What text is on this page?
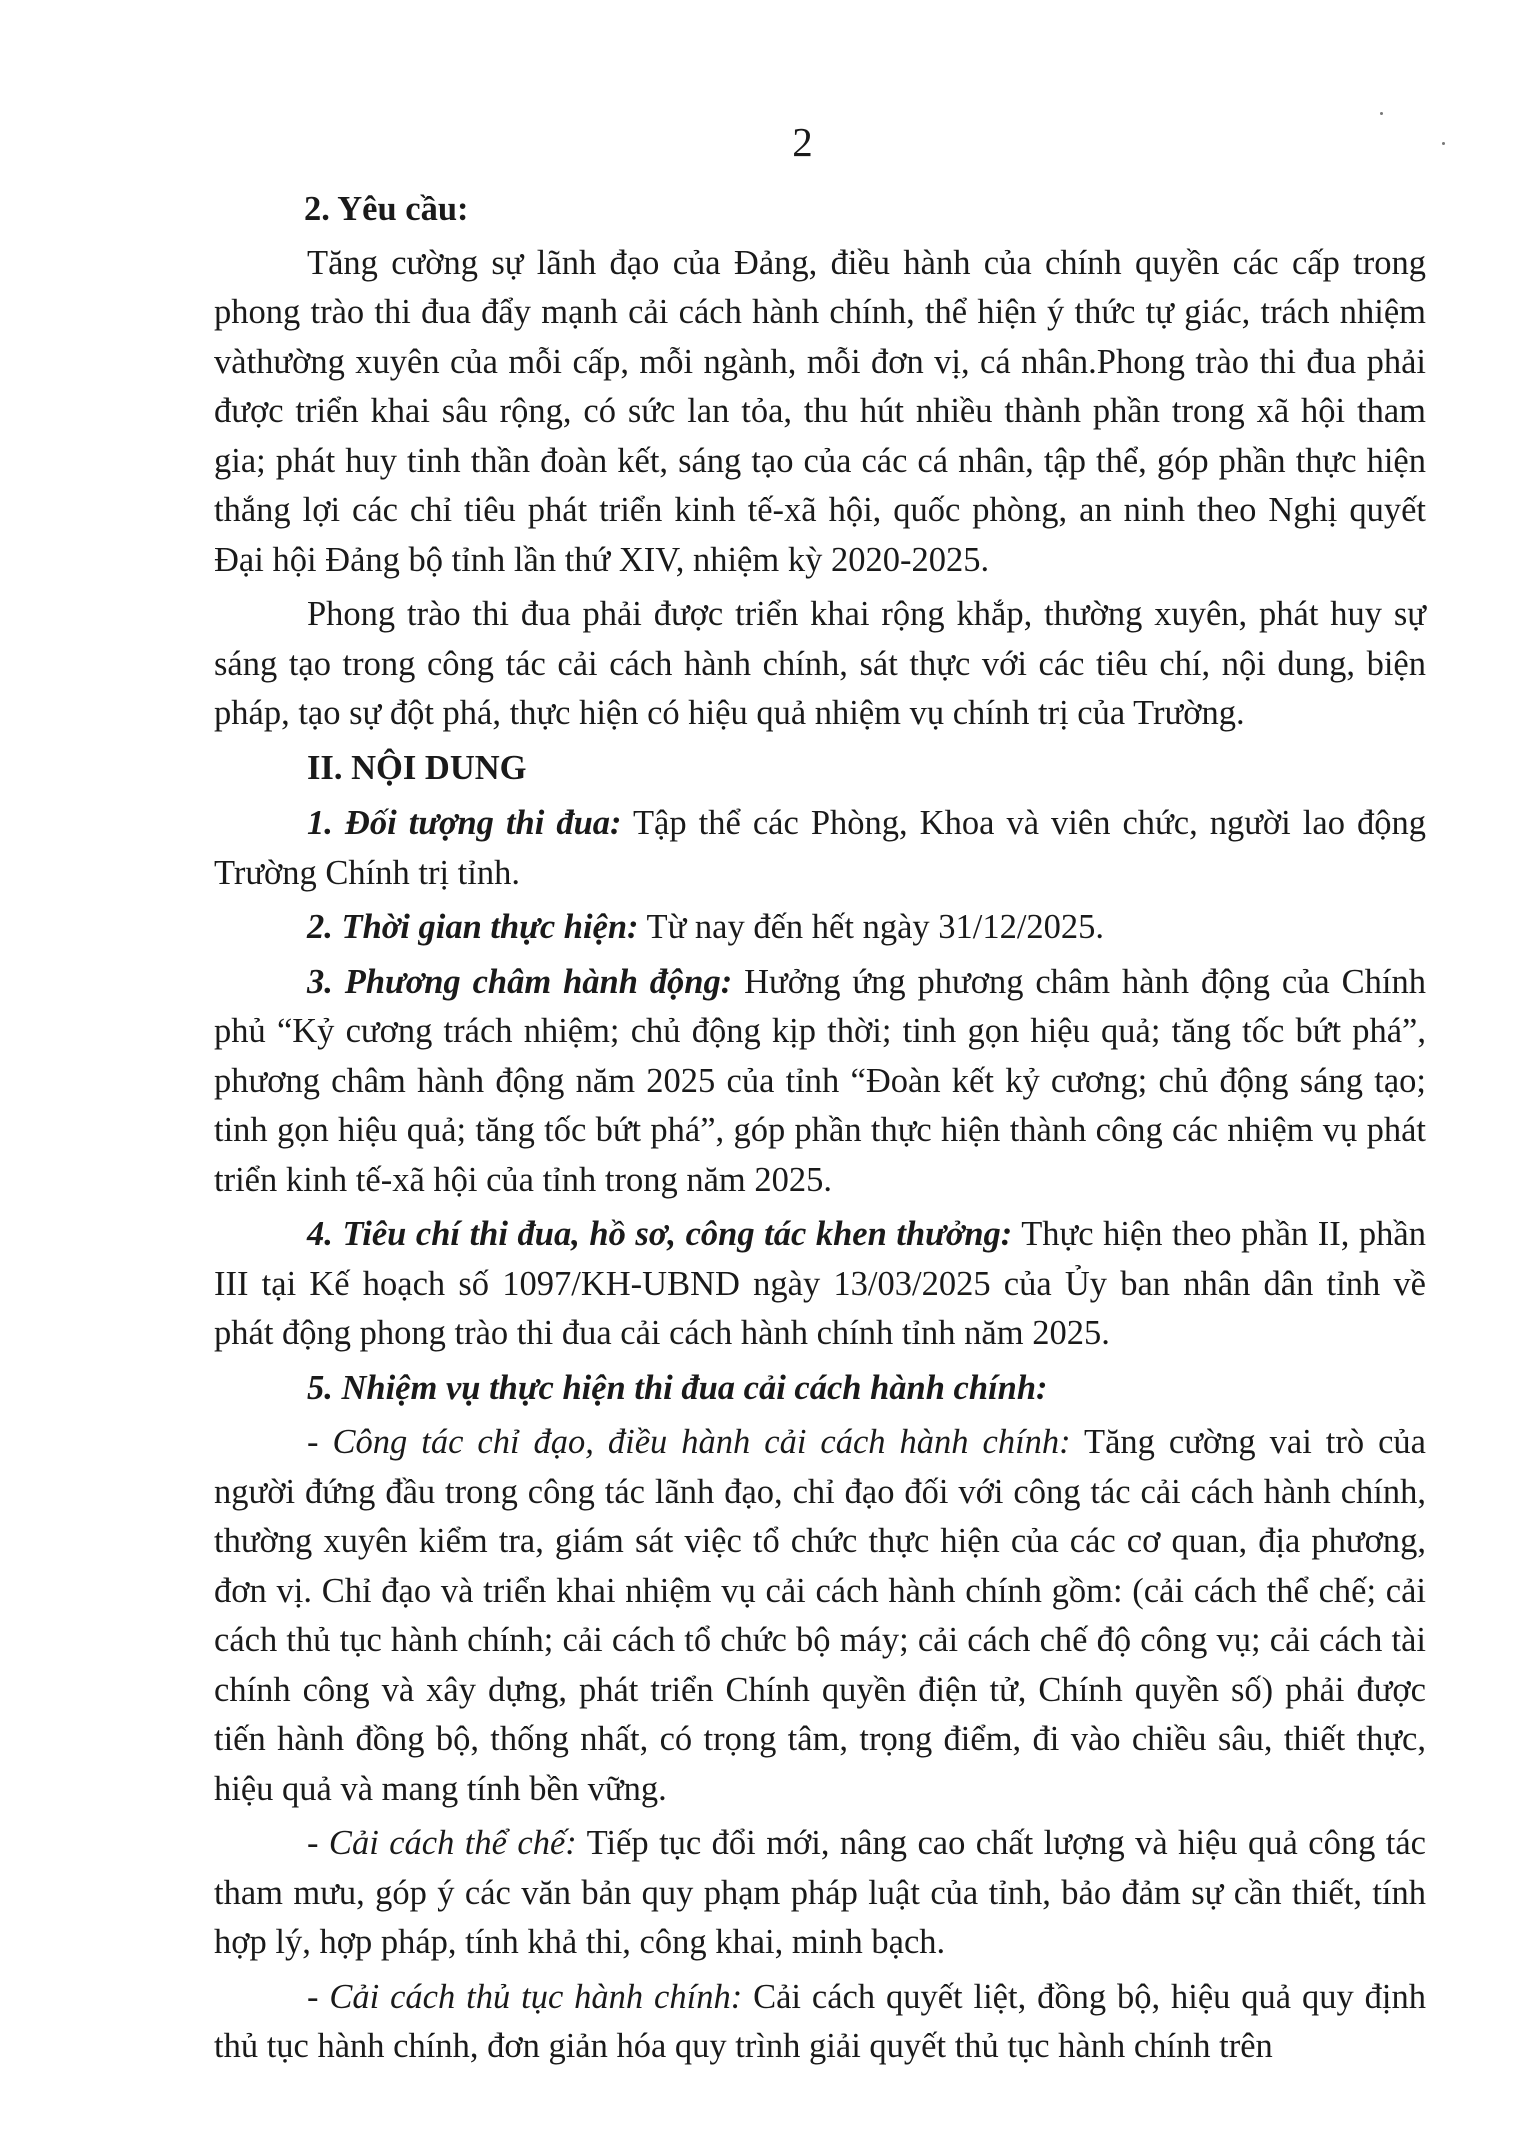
2

2. Yêu cầu:

Tăng cường sự lãnh đạo của Đảng, điều hành của chính quyền các cấp trong phong trào thi đua đẩy mạnh cải cách hành chính, thể hiện ý thức tự giác, trách nhiệm vàthường xuyên của mỗi cấp, mỗi ngành, mỗi đơn vị, cá nhân.Phong trào thi đua phải được triển khai sâu rộng, có sức lan tỏa, thu hút nhiều thành phần trong xã hội tham gia; phát huy tinh thần đoàn kết, sáng tạo của các cá nhân, tập thể, góp phần thực hiện thắng lợi các chỉ tiêu phát triển kinh tế-xã hội, quốc phòng, an ninh theo Nghị quyết Đại hội Đảng bộ tỉnh lần thứ XIV, nhiệm kỳ 2020-2025.

Phong trào thi đua phải được triển khai rộng khắp, thường xuyên, phát huy sự sáng tạo trong công tác cải cách hành chính, sát thực với các tiêu chí, nội dung, biện pháp, tạo sự đột phá, thực hiện có hiệu quả nhiệm vụ chính trị của Trường.

II. NỘI DUNG

1. Đối tượng thi đua: Tập thể các Phòng, Khoa và viên chức, người lao động Trường Chính trị tỉnh.

2. Thời gian thực hiện: Từ nay đến hết ngày 31/12/2025.

3. Phương châm hành động: Hưởng ứng phương châm hành động của Chính phủ “Kỷ cương trách nhiệm; chủ động kịp thời; tinh gọn hiệu quả; tăng tốc bứt phá”, phương châm hành động năm 2025 của tỉnh “Đoàn kết kỷ cương; chủ động sáng tạo; tinh gọn hiệu quả; tăng tốc bứt phá”, góp phần thực hiện thành công các nhiệm vụ phát triển kinh tế-xã hội của tỉnh trong năm 2025.

4. Tiêu chí thi đua, hồ sơ, công tác khen thưởng: Thực hiện theo phần II, phần III tại Kế hoạch số 1097/KH-UBND ngày 13/03/2025 của Ủy ban nhân dân tỉnh về phát động phong trào thi đua cải cách hành chính tỉnh năm 2025.

5. Nhiệm vụ thực hiện thi đua cải cách hành chính:

- Công tác chỉ đạo, điều hành cải cách hành chính: Tăng cường vai trò của người đứng đầu trong công tác lãnh đạo, chỉ đạo đối với công tác cải cách hành chính, thường xuyên kiểm tra, giám sát việc tổ chức thực hiện của các cơ quan, địa phương, đơn vị. Chỉ đạo và triển khai nhiệm vụ cải cách hành chính gồm: (cải cách thể chế; cải cách thủ tục hành chính; cải cách tổ chức bộ máy; cải cách chế độ công vụ; cải cách tài chính công và xây dựng, phát triển Chính quyền điện tử, Chính quyền số) phải được tiến hành đồng bộ, thống nhất, có trọng tâm, trọng điểm, đi vào chiều sâu, thiết thực, hiệu quả và mang tính bền vững.

- Cải cách thể chế: Tiếp tục đổi mới, nâng cao chất lượng và hiệu quả công tác tham mưu, góp ý các văn bản quy phạm pháp luật của tỉnh, bảo đảm sự cần thiết, tính hợp lý, hợp pháp, tính khả thi, công khai, minh bạch.

- Cải cách thủ tục hành chính: Cải cách quyết liệt, đồng bộ, hiệu quả quy định thủ tục hành chính, đơn giản hóa quy trình giải quyết thủ tục hành chính trên
